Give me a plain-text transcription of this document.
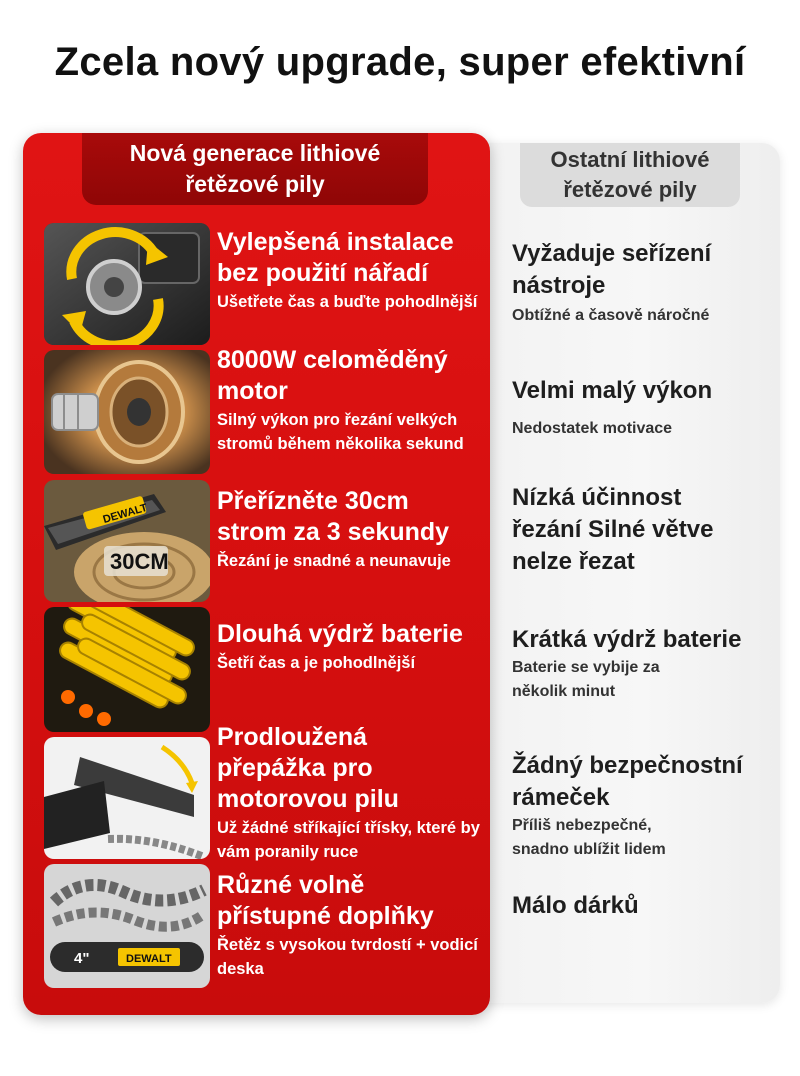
Zcela nový upgrade, super efektivní
Ostatní lithiové řetězové pily
Nová generace lithiové řetězové pily
DEWALT
30CM
4"	DEWALT
Vylepšená instalace bez použití nářadí
Ušetřete čas a buďte pohodlnější
8000W celoměděný motor
Silný výkon pro řezání velkých stromů během několika sekund
Přeřízněte 30cm strom za 3 sekundy
Řezání je snadné a neunavuje
Dlouhá výdrž baterie
Šetří čas a je pohodlnější
Prodloužená přepážka pro motorovou pilu
Už žádné stříkající třísky, které by vám poranily ruce
Různé volně přístupné doplňky
Řetěz s vysokou tvrdostí + vodicí deska
Vyžaduje seřízení nástroje
Obtížné a časově náročné
Velmi malý výkon
Nedostatek motivace
Nízká účinnost řezání Silné větve nelze řezat
Krátká výdrž baterie
Baterie se vybije za několik minut
Žádný bezpečnostní rámeček
Příliš nebezpečné, snadno ublížit lidem
Málo dárků
